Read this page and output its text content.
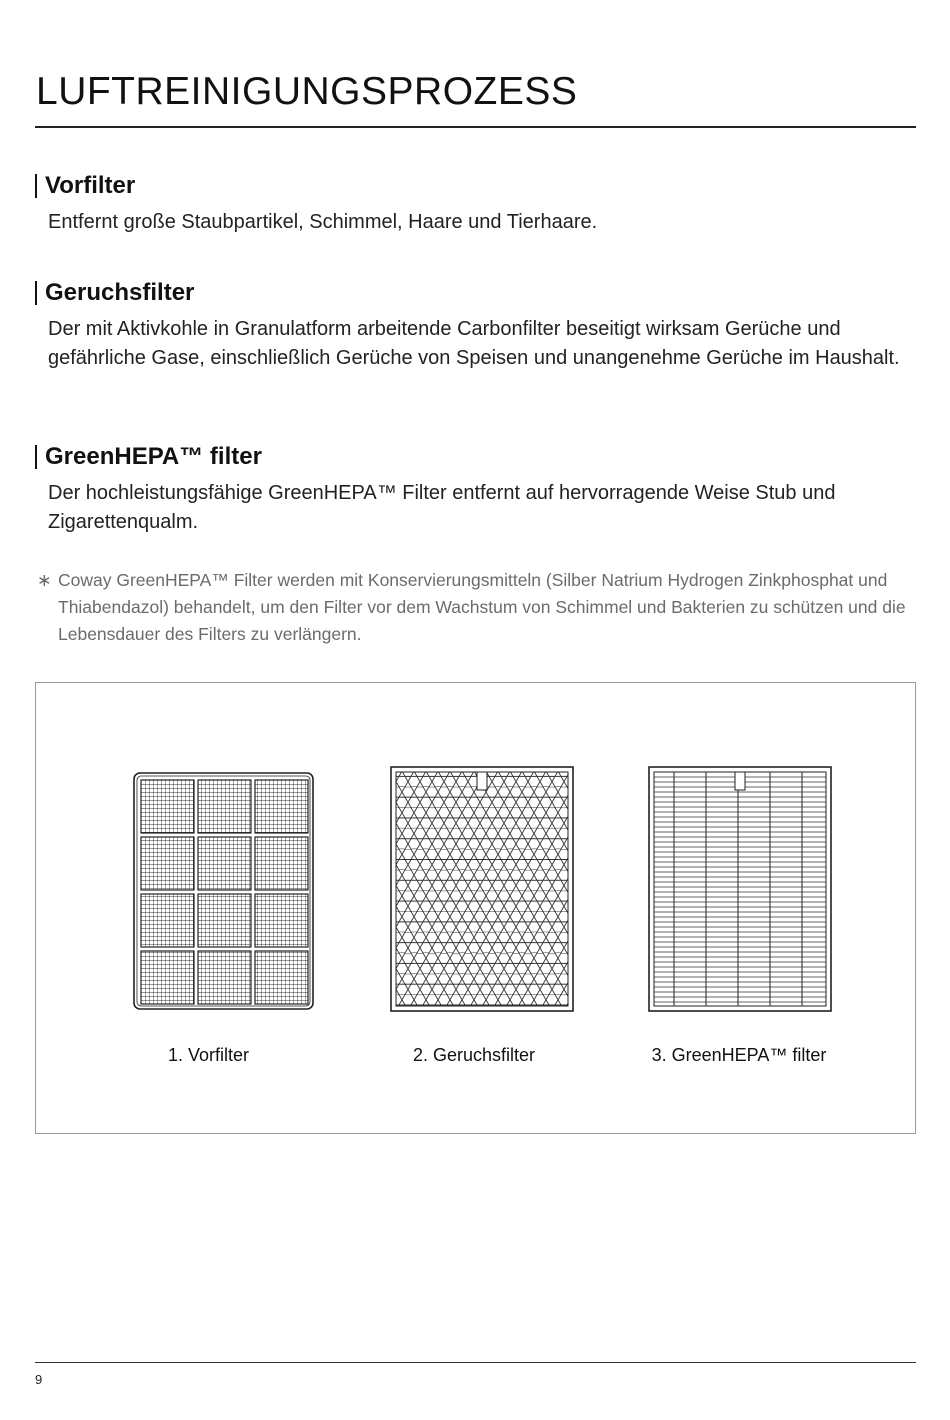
LUFTREINIGUNGSPROZESS
Vorfilter

Entfernt große Staubpartikel, Schimmel, Haare und Tierhaare.

Geruchsfilter

Der mit Aktivkohle in Granulatform arbeitende Carbonfilter beseitigt wirksam Gerüche und gefährliche Gase, einschließlich Gerüche von Speisen und unangenehme Gerüche im Haushalt.

GreenHEPA™ filter

Der hochleistungsfähige GreenHEPA™ Filter entfernt auf hervorragende Weise Stub und Zigarettenqualm.

∗ Coway GreenHEPA™ Filter werden mit Konservierungsmitteln (Silber Natrium Hydrogen Zinkphosphat und Thiabendazol) behandelt, um den Filter vor dem Wachstum von Schimmel und Bakterien zu schützen und die Lebensdauer des Filters zu verlängern.
1. Vorfilter	2. Geruchsfilter	3. GreenHEPA™ filter
9
